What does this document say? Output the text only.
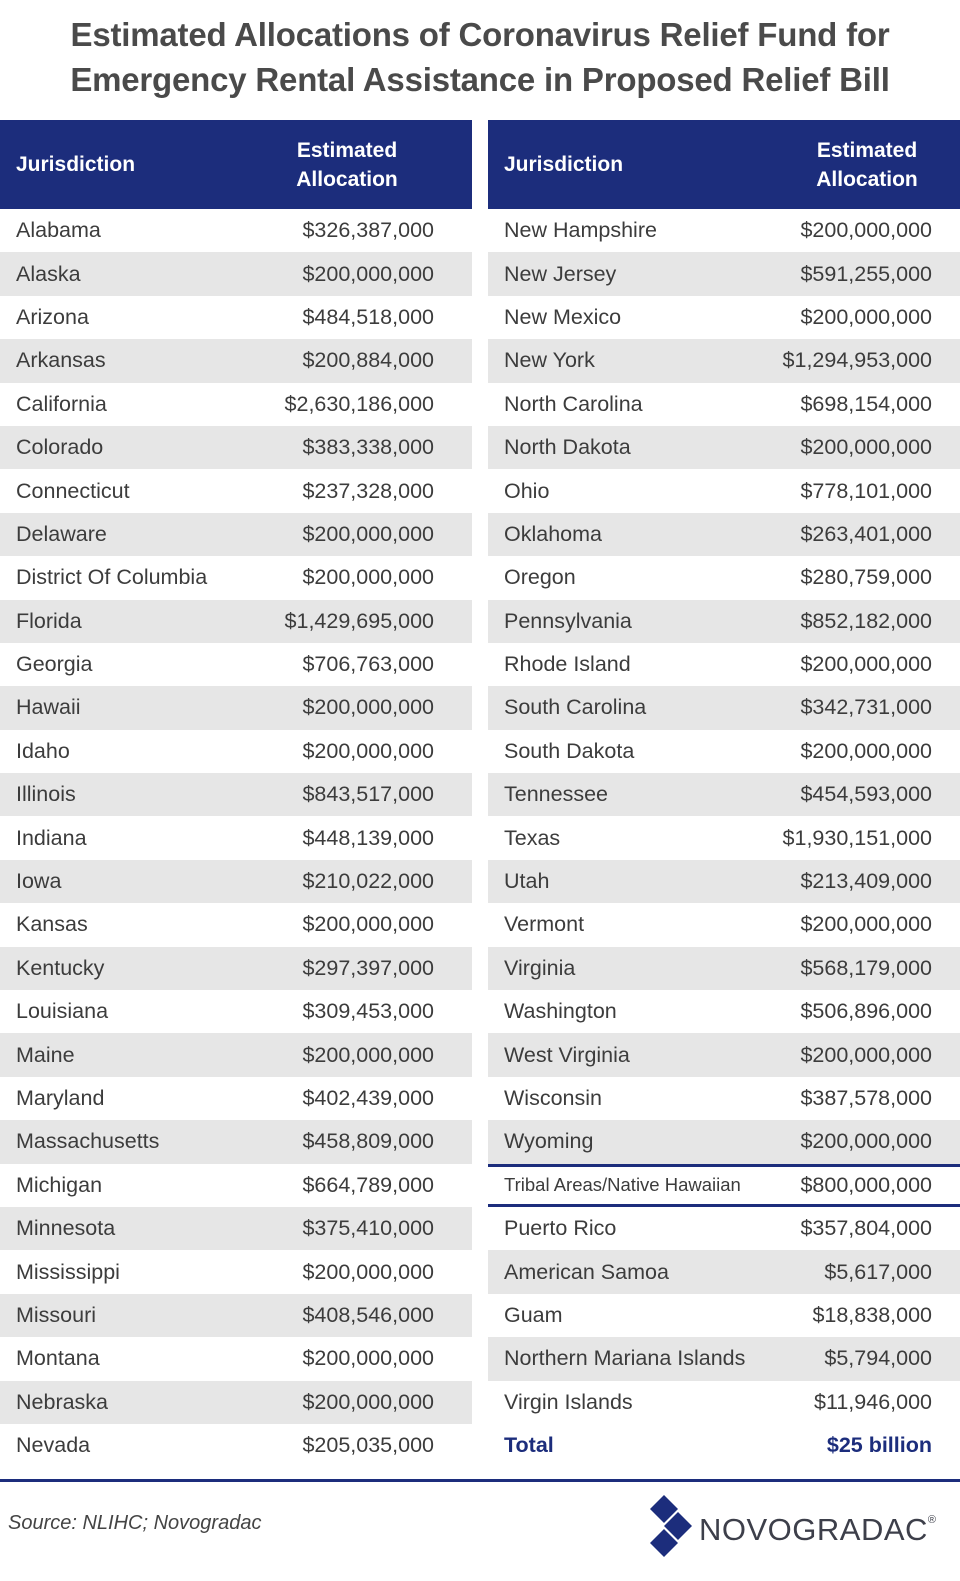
Estimated Allocations of Coronavirus Relief Fund for
Emergency Rental Assistance in Proposed Relief Bill
Jurisdiction
Estimated
Allocation
Alabama	$326,387,000
Alaska	$200,000,000
Arizona	$484,518,000
Arkansas	$200,884,000
California	$2,630,186,000
Colorado	$383,338,000
Connecticut	$237,328,000
Delaware	$200,000,000
District Of Columbia	$200,000,000
Florida	$1,429,695,000
Georgia	$706,763,000
Hawaii	$200,000,000
Idaho	$200,000,000
Illinois	$843,517,000
Indiana	$448,139,000
Iowa	$210,022,000
Kansas	$200,000,000
Kentucky	$297,397,000
Louisiana	$309,453,000
Maine	$200,000,000
Maryland	$402,439,000
Massachusetts	$458,809,000
Michigan	$664,789,000
Minnesota	$375,410,000
Mississippi	$200,000,000
Missouri	$408,546,000
Montana	$200,000,000
Nebraska	$200,000,000
Nevada	$205,035,000
Jurisdiction
Estimated
Allocation
New Hampshire	$200,000,000
New Jersey	$591,255,000
New Mexico	$200,000,000
New York	$1,294,953,000
North Carolina	$698,154,000
North Dakota	$200,000,000
Ohio	$778,101,000
Oklahoma	$263,401,000
Oregon	$280,759,000
Pennsylvania	$852,182,000
Rhode Island	$200,000,000
South Carolina	$342,731,000
South Dakota	$200,000,000
Tennessee	$454,593,000
Texas	$1,930,151,000
Utah	$213,409,000
Vermont	$200,000,000
Virginia	$568,179,000
Washington	$506,896,000
West Virginia	$200,000,000
Wisconsin	$387,578,000
Wyoming	$200,000,000
Tribal Areas/Native Hawaiian	$800,000,000
Puerto Rico	$357,804,000
American Samoa	$5,617,000
Guam	$18,838,000
Northern Mariana Islands	$5,794,000
Virgin Islands	$11,946,000
Total	$25 billion
Source: NLIHC; Novogradac	NOVOGRADAC®
